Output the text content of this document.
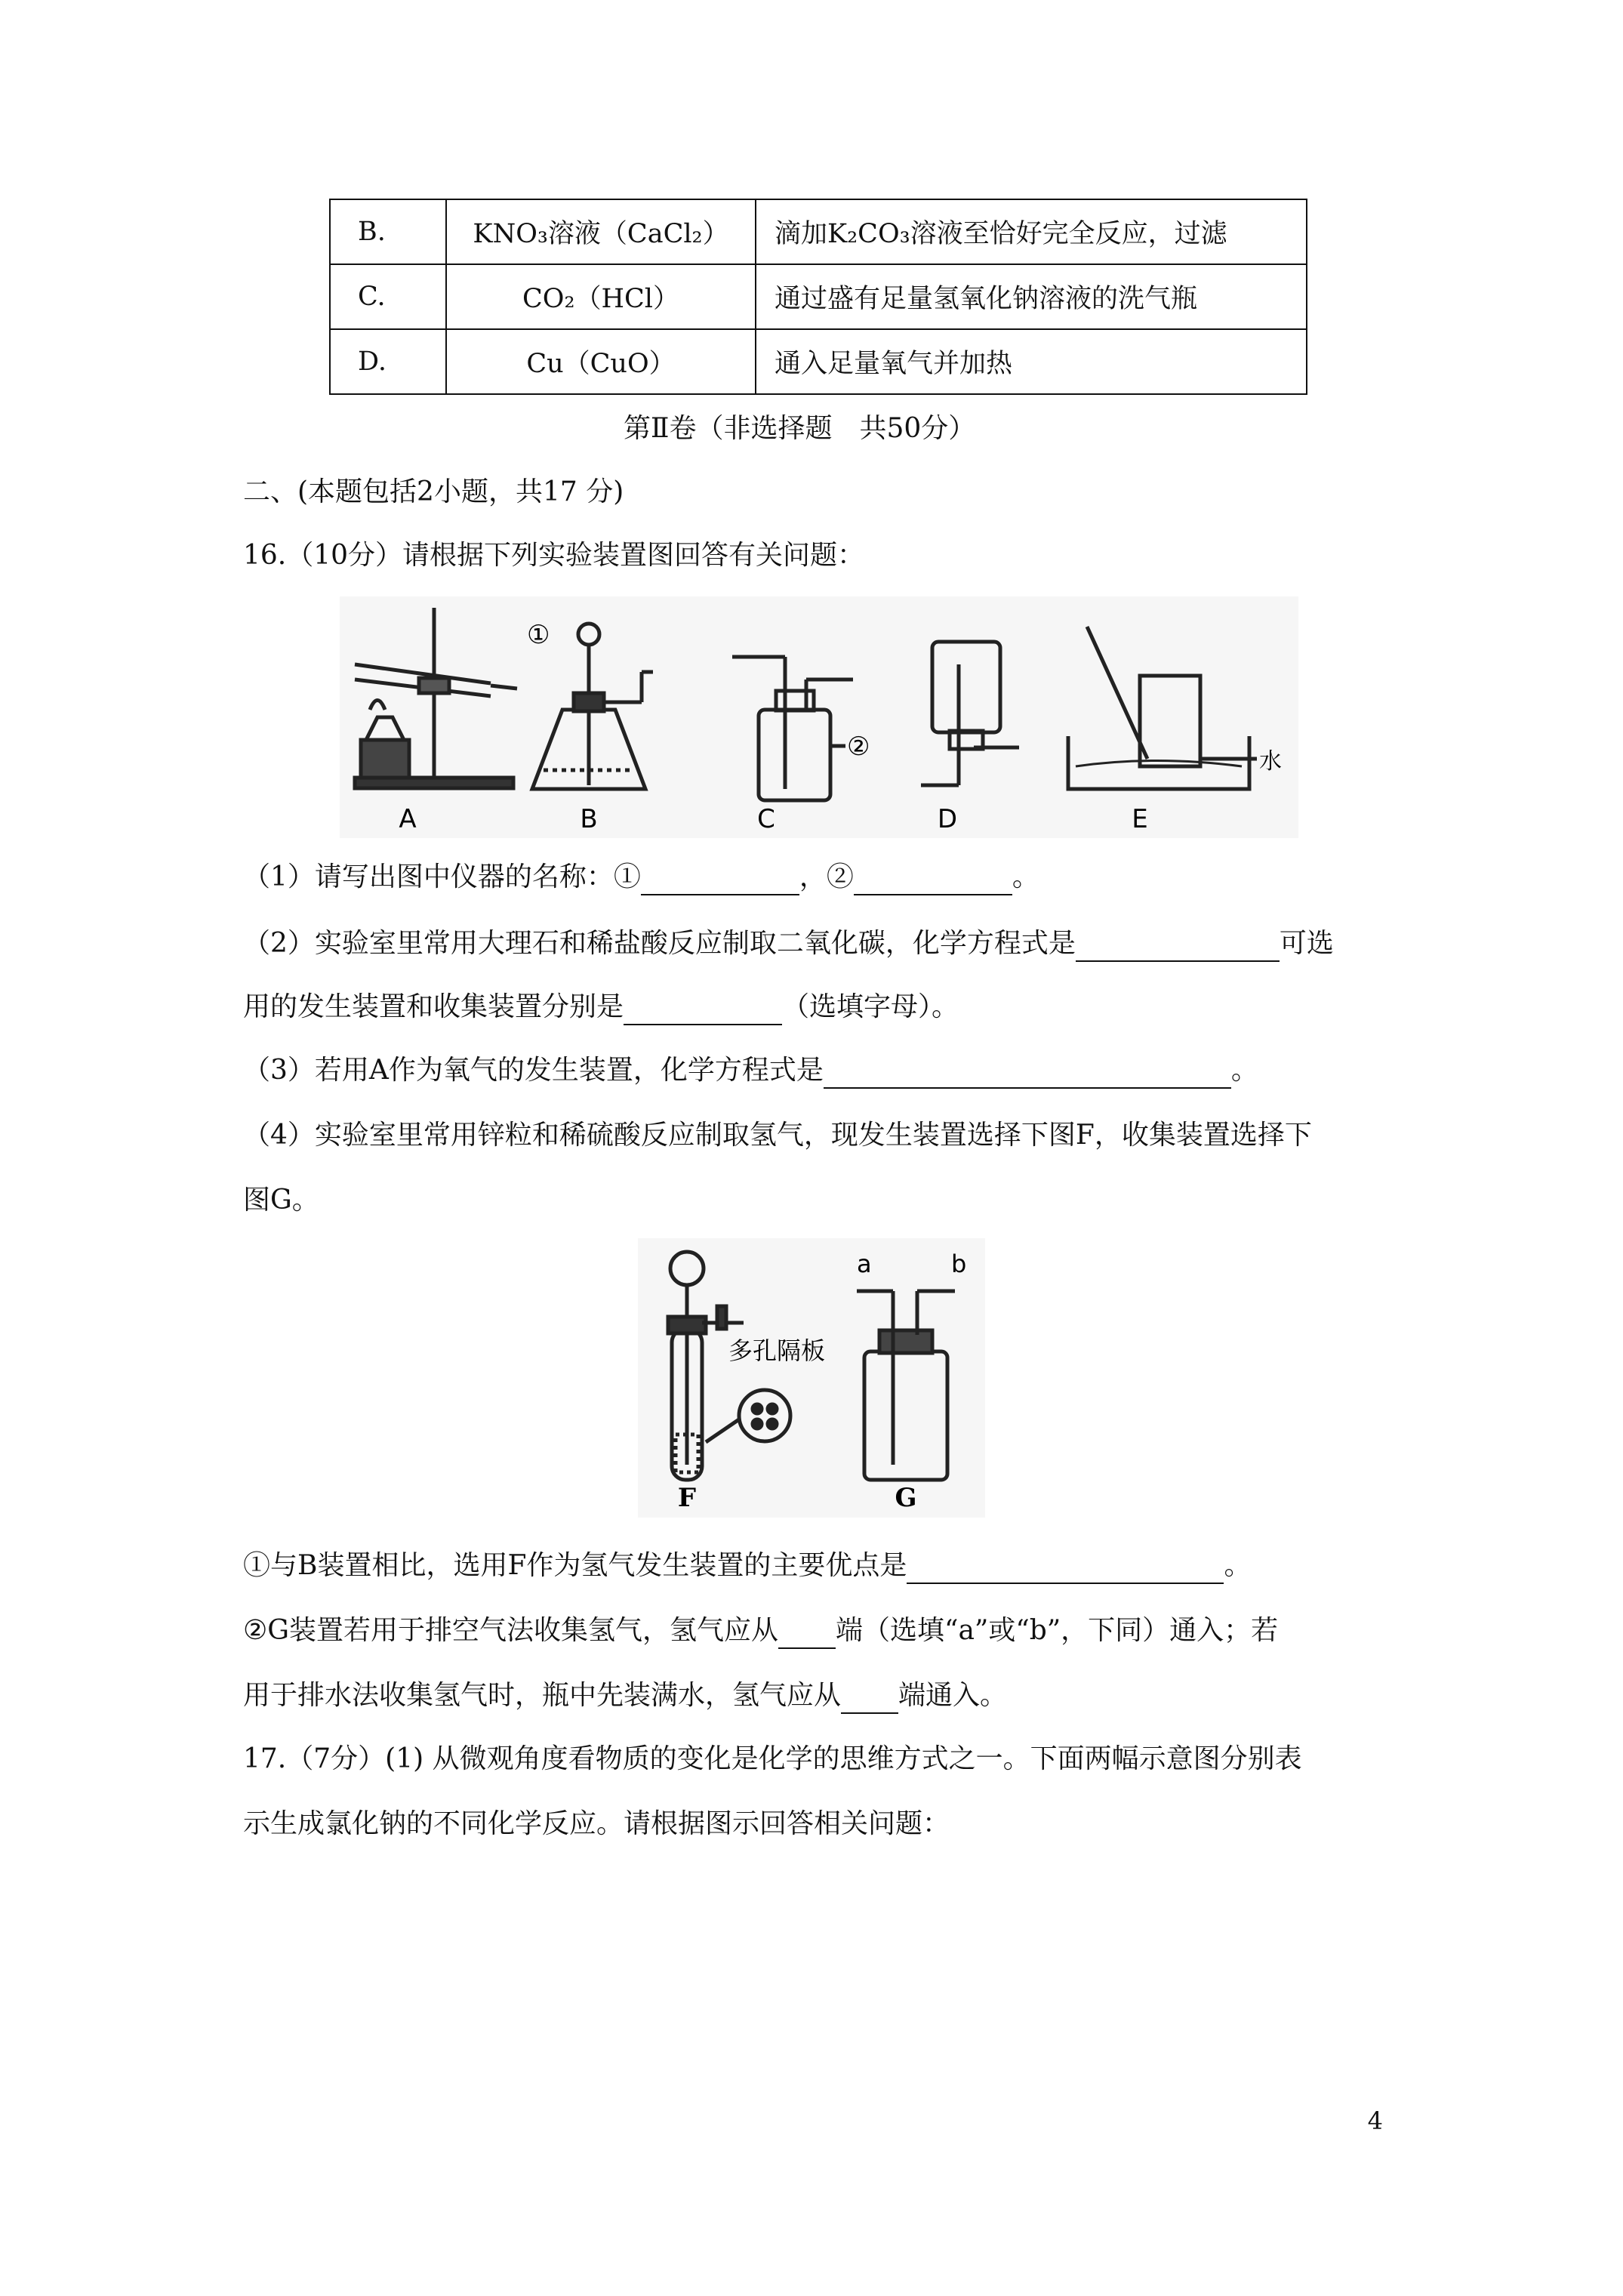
B.	KNO₃溶液（CaCl₂）	滴加K₂CO₃溶液至恰好完全反应，过滤
C.	CO₂（HCl）	通过盛有足量氢氧化钠溶液的洗气瓶
D.	Cu（CuO）	通入足量氧气并加热
第Ⅱ卷（非选择题　共50分）
二、(本题包括2小题，共17 分)
16.（10分）请根据下列实验装置图回答有关问题：
①
②	水
A	B	C	D	E
（1）请写出图中仪器的名称：①	，②	。
（2）实验室里常用大理石和稀盐酸反应制取二氧化碳，化学方程式是	可选
用的发生装置和收集装置分别是	（选填字母）。
（3）若用A作为氧气的发生装置，化学方程式是	。
（4）实验室里常用锌粒和稀硫酸反应制取氢气，现发生装置选择下图F，收集装置选择下
图G。
多孔隔板
a	b
F	G
①与B装置相比，选用F作为氢气发生装置的主要优点是	。
②G装置若用于排空气法收集氢气，氢气应从 端（选填“a”或“b”，下同）通入；若
用于排水法收集氢气时，瓶中先装满水，氢气应从 端通入。
17.（7分）(1) 从微观角度看物质的变化是化学的思维方式之一。下面两幅示意图分别表
示生成氯化钠的不同化学反应。请根据图示回答相关问题：
4
